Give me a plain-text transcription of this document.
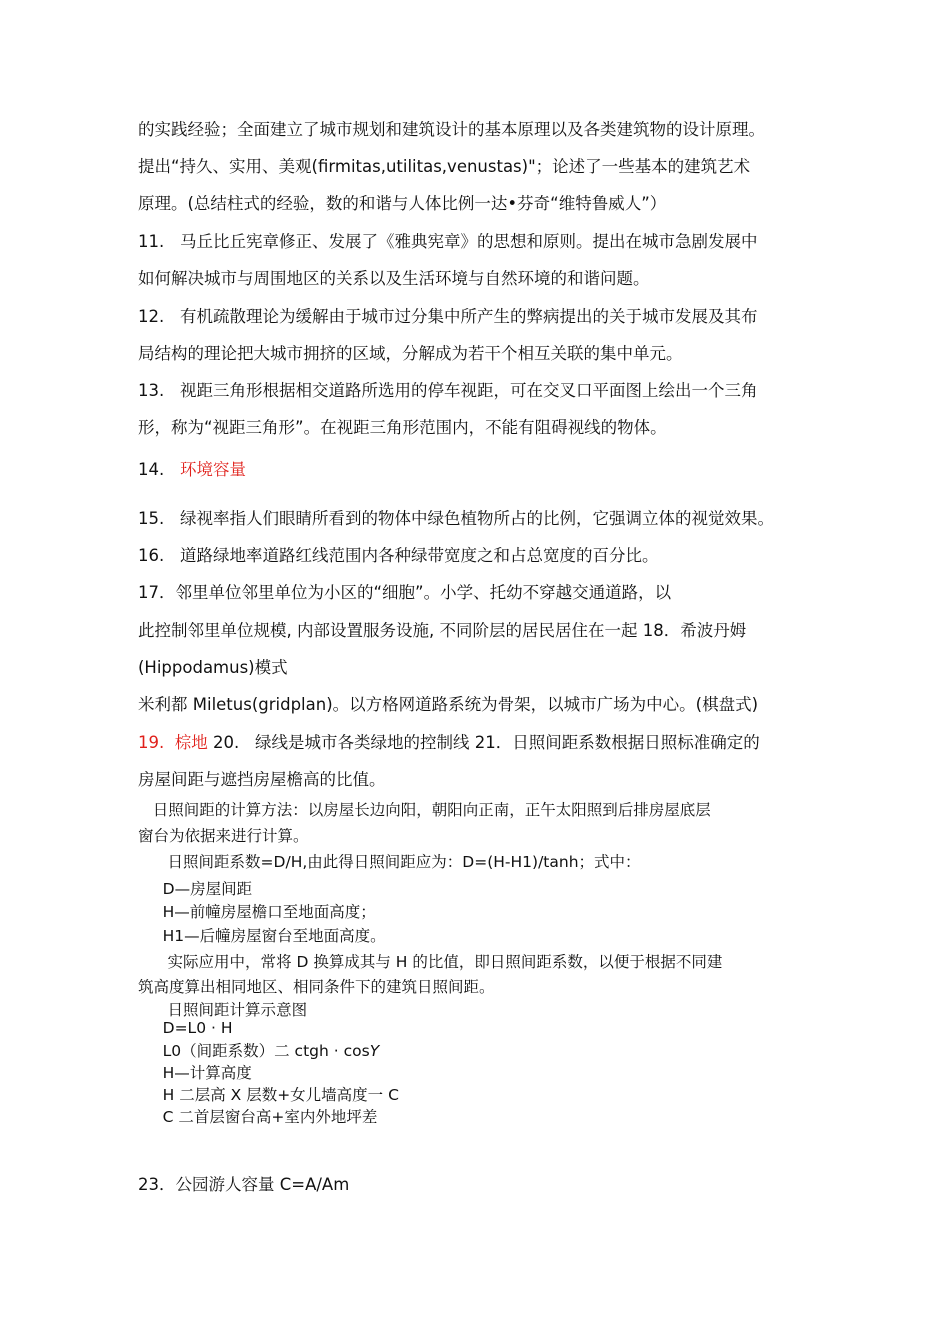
的实践经验；全面建立了城市规划和建筑设计的基本原理以及各类建筑物的设计原理。
提出“持久、实用、美观(firmitas,utilitas,venustas)"；论述了一些基本的建筑艺术
原理。(总结柱式的经验，数的和谐与人体比例一达•芬奇“维特鲁威人”）
11.   马丘比丘宪章修正、发展了《雅典宪章》的思想和原则。提出在城市急剧发展中
如何解决城市与周围地区的关系以及生活环境与自然环境的和谐问题。
12.   有机疏散理论为缓解由于城市过分集中所产生的弊病提出的关于城市发展及其布
局结构的理论把大城市拥挤的区域，分解成为若干个相互关联的集中单元。
13.   视距三角形根据相交道路所选用的停车视距，可在交叉口平面图上绘出一个三角
形，称为“视距三角形”。在视距三角形范围内，不能有阻碍视线的物体。
14.   环境容量
15.   绿视率指人们眼睛所看到的物体中绿色植物所占的比例，它强调立体的视觉效果。
16.   道路绿地率道路红线范围内各种绿带宽度之和占总宽度的百分比。
17．邻里单位邻里单位为小区的“细胞”。小学、托幼不穿越交通道路，以
此控制邻里单位规模, 内部设置服务设施, 不同阶层的居民居住在一起 18．希波丹姆
(Hippodamus)模式
米利都 Miletus(gridplan)。以方格网道路系统为骨架，以城市广场为中心。(棋盘式)
19.  棕地 20.   绿线是城市各类绿地的控制线 21．日照间距系数根据日照标准确定的
房屋间距与遮挡房屋檐高的比值。
日照间距的计算方法：以房屋长边向阳，朝阳向正南，正午太阳照到后排房屋底层
窗台为依据来进行计算。
日照间距系数=D/H,由此得日照间距应为：D=(H-H1)/tanh；式中：
D—房屋间距
H—前幢房屋檐口至地面高度；
H1—后幢房屋窗台至地面高度。
实际应用中，常将 D 换算成其与 H 的比值，即日照间距系数，以便于根据不同建
筑高度算出相同地区、相同条件下的建筑日照间距。
日照间距计算示意图
D=L0 · H
L0（间距系数）二 ctgh · cosY
H—计算高度
H 二层高 X 层数+女儿墙高度一 C
C 二首层窗台高+室内外地坪差
23．公园游人容量 C=A/Am
